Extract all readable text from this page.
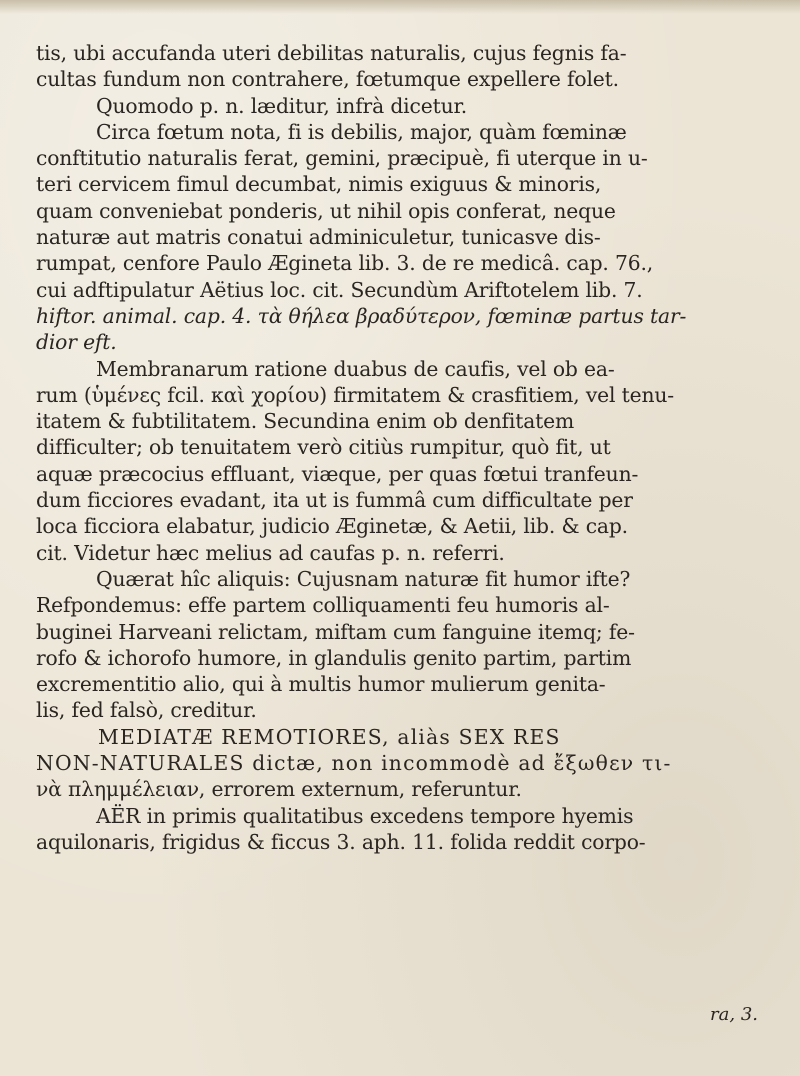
tis, ubi accufanda uteri debilitas naturalis, cujus fegnis fa-
cultas fundum non contrahere, fœtumque expellere folet.
Quomodo p. n. læditur, infrà dicetur.
Circa fœtum nota, fi is debilis, major, quàm fœminæ
conftitutio naturalis ferat, gemini, præcipuè, fi uterque in u-
teri cervicem fimul decumbat, nimis exiguus & minoris,
quam conveniebat ponderis, ut nihil opis conferat, neque
naturæ aut matris conatui adminiculetur, tunicasve dis-
rumpat, cenfore Paulo Ægineta lib. 3. de re medicâ. cap. 76.,
cui adftipulatur Aëtius loc. cit. Secundùm Ariftotelem lib. 7.
hiftor. animal. cap. 4. τὰ θήλεα βραδύτερον, fœminæ partus tar-
dior eft.
Membranarum ratione duabus de caufis, vel ob ea-
rum (ὑμένες fcil. καὶ χορίου) firmitatem & crasfitiem, vel tenu-
itatem & fubtilitatem. Secundina enim ob denfitatem
difficulter; ob tenuitatem verò citiùs rumpitur, quò fit, ut
aquæ præcocius effluant, viæque, per quas fœtui tranfeun-
dum ficciores evadant, ita ut is fummâ cum difficultate per
loca ficciora elabatur, judicio Æginetæ, & Aetii, lib. & cap.
cit. Videtur hæc melius ad caufas p. n. referri.
Quærat hîc aliquis: Cujusnam naturæ fit humor ifte?
Refpondemus: effe partem colliquamenti feu humoris al-
buginei Harveani relictam, miftam cum fanguine itemq; fe-
rofo & ichorofo humore, in glandulis genito partim, partim
excrementitio alio, qui à multis humor mulierum genita-
lis, fed falsò, creditur.
MEDIATÆ REMOTIORES, aliàs SEX RES
NON-NATURALES dictæ, non incommodè ad ἔξωθεν τι-
νὰ πλημμέλειαν, errorem externum, referuntur.
AËR in primis qualitatibus excedens tempore hyemis
aquilonaris, frigidus & ficcus 3. aph. 11. folida reddit corpo-
ra, 3.
